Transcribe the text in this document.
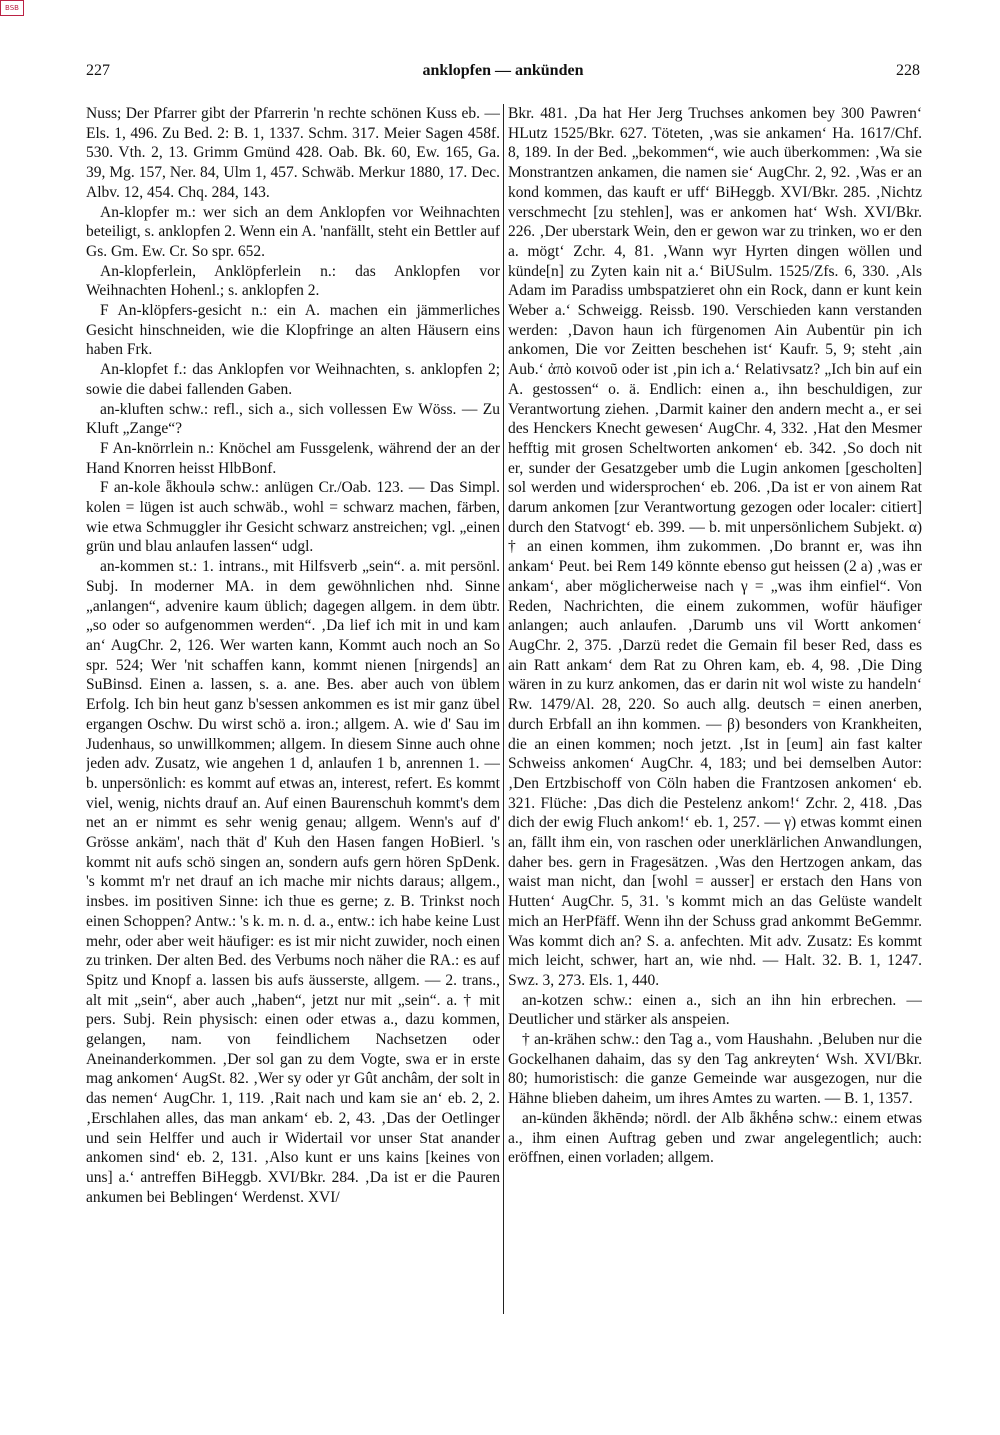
BSB
227	anklopfen — ankünden	228

Nuss; Der Pfarrer gibt der Pfarrerin 'n rechte schönen Kuss eb. — Els. 1, 496. Zu Bed. 2: B. 1, 1337. Schm. 317. Meier Sagen 458f. 530. Vth. 2, 13. Grimm Gmünd 428. Oab. Bk. 60, Ew. 165, Ga. 39, Mg. 157, Ner. 84, Ulm 1, 457. Schwäb. Merkur 1880, 17. Dec. Albv. 12, 454. Chq. 284, 143.

An-klopfer m.: wer sich an dem Anklopfen vor Weihnachten beteiligt, s. anklopfen 2. Wenn ein A. 'nanfällt, steht ein Bettler auf Gs. Gm. Ew. Cr. So spr. 652.

An-klopferlein, Anklöpferlein n.: das Anklopfen vor Weihnachten Hohenl.; s. anklopfen 2.

F An-klöpfers-gesicht n.: ein A. machen ein jämmerliches Gesicht hinschneiden, wie die Klopfringe an alten Häusern eins haben Frk.

An-klopfet f.: das Anklopfen vor Weihnachten, s. anklopfen 2; sowie die dabei fallenden Gaben.

an-kluften schw.: refl., sich a., sich vollessen Ew Wöss. — Zu Kluft „Zange“?

F An-knörrlein n.: Knöchel am Fussgelenk, während der an der Hand Knorren heisst HlbBonf.

F an-kole ǟkhoulə schw.: anlügen Cr./Oab. 123. — Das Simpl. kolen = lügen ist auch schwäb., wohl = schwarz machen, färben, wie etwa Schmuggler ihr Gesicht schwarz anstreichen; vgl. „einen grün und blau anlaufen lassen“ udgl.

an-kommen st.: 1. intrans., mit Hilfsverb „sein“. a. mit persönl. Subj. In moderner MA. in dem gewöhnlichen nhd. Sinne „anlangen“, advenire kaum üblich; dagegen allgem. in dem übtr. „so oder so aufgenommen werden“. ‚Da lief ich mit in und kam an‘ AugChr. 2, 126. Wer warten kann, Kommt auch noch an So spr. 524; Wer 'nit schaffen kann, kommt nienen [nirgends] an SuBinsd. Einen a. lassen, s. a. ane. Bes. aber auch von üblem Erfolg. Ich bin heut ganz b'sessen ankommen es ist mir ganz übel ergangen Oschw. Du wirst schö a. iron.; allgem. A. wie d' Sau im Judenhaus, so unwillkommen; allgem. In diesem Sinne auch ohne jeden adv. Zusatz, wie angehen 1 d, anlaufen 1 b, anrennen 1. — b. unpersönlich: es kommt auf etwas an, interest, refert. Es kommt viel, wenig, nichts drauf an. Auf einen Baurenschuh kommt's dem net an er nimmt es sehr wenig genau; allgem. Wenn's auf d' Grösse ankäm', nach thät d' Kuh den Hasen fangen HoBierl. 's kommt nit aufs schö singen an, sondern aufs gern hören SpDenk. 's kommt m'r net drauf an ich mache mir nichts daraus; allgem., insbes. im positiven Sinne: ich thue es gerne; z. B. Trinkst noch einen Schoppen? Antw.: 's k. m. n. d. a., entw.: ich habe keine Lust mehr, oder aber weit häufiger: es ist mir nicht zuwider, noch einen zu trinken. Der alten Bed. des Verbums noch näher die RA.: es auf Spitz und Knopf a. lassen bis aufs äusserste, allgem. — 2. trans., alt mit „sein“, aber auch „haben“, jetzt nur mit „sein“. a. † mit pers. Subj. Rein physisch: einen oder etwas a., dazu kommen, gelangen, nam. von feindlichem Nachsetzen oder Aneinanderkommen. ‚Der sol gan zu dem Vogte, swa er in erste mag ankomen‘ AugSt. 82. ‚Wer sy oder yr Gût anchâm, der solt in das nemen‘ AugChr. 1, 119. ‚Rait nach und kam sie an‘ eb. 2, 2. ‚Erschlahen alles, das man ankam‘ eb. 2, 43. ‚Das der Oetlinger und sein Helffer und auch ir Widertail vor unser Stat anander ankomen sind‘ eb. 2, 131. ‚Also kunt er uns kains [keines von uns] a.‘ antreffen BiHeggb. XVI/Bkr. 284. ‚Da ist er die Pauren ankumen bei Beblingen‘ Werdenst. XVI/

Bkr. 481. ‚Da hat Her Jerg Truchses ankomen bey 300 Pawren‘ HLutz 1525/Bkr. 627. Töteten, ‚was sie ankamen‘ Ha. 1617/Chf. 8, 189. In der Bed. „bekommen“, wie auch überkommen: ‚Wa sie Monstrantzen ankamen, die namen sie‘ AugChr. 2, 92. ‚Was er an kond kommen, das kauft er uff‘ BiHeggb. XVI/Bkr. 285. ‚Nichtz verschmecht [zu stehlen], was er ankomen hat‘ Wsh. XVI/Bkr. 226. ‚Der uberstark Wein, den er gewon war zu trinken, wo er den a. mögt‘ Zchr. 4, 81. ‚Wann wyr Hyrten dingen wöllen und künde[n] zu Zyten kain nit a.‘ BiUSulm. 1525/Zfs. 6, 330. ‚Als Adam im Paradiss umbspatzieret ohn ein Rock, dann er kunt kein Weber a.‘ Schweigg. Reissb. 190. Verschieden kann verstanden werden: ‚Davon haun ich fürgenomen Ain Aubentür pin ich ankomen, Die vor Zeitten beschehen ist‘ Kaufr. 5, 9; steht ‚ain Aub.‘ ἀπὸ κοινοῦ oder ist ‚pin ich a.‘ Relativsatz? „Ich bin auf ein A. gestossen“ o. ä. Endlich: einen a., ihn beschuldigen, zur Verantwortung ziehen. ‚Darmit kainer den andern mecht a., er sei des Henckers Knecht gewesen‘ AugChr. 4, 332. ‚Hat den Mesmer hefftig mit grosen Scheltworten ankomen‘ eb. 342. ‚So doch nit er, sunder der Gesatzgeber umb die Lugin ankomen [gescholten] sol werden und widersprochen‘ eb. 206. ‚Da ist er von ainem Rat darum ankomen [zur Verantwortung gezogen oder localer: citiert] durch den Statvogt‘ eb. 399. — b. mit unpersönlichem Subjekt. α) † an einen kommen, ihm zukommen. ‚Do brannt er, was ihn ankam‘ Peut. bei Rem 149 könnte ebenso gut heissen (2 a) ‚was er ankam‘, aber möglicherweise nach γ = „was ihm einfiel“. Von Reden, Nachrichten, die einem zukommen, wofür häufiger anlangen; auch anlaufen. ‚Darumb uns vil Wortt ankomen‘ AugChr. 2, 375. ‚Darzü redet die Gemain fil beser Red, dass es ain Ratt ankam‘ dem Rat zu Ohren kam, eb. 4, 98. ‚Die Ding wären in zu kurz ankomen, das er darin nit wol wiste zu handeln‘ Rw. 1479/Al. 28, 220. So auch allg. deutsch = einen anerben, durch Erbfall an ihn kommen. — β) besonders von Krankheiten, die an einen kommen; noch jetzt. ‚Ist in [eum] ain fast kalter Schweiss ankomen‘ AugChr. 4, 183; und bei demselben Autor: ‚Den Ertzbischoff von Cöln haben die Frantzosen ankomen‘ eb. 321. Flüche: ‚Das dich die Pestelenz ankom!‘ Zchr. 2, 418. ‚Das dich der ewig Fluch ankom!‘ eb. 1, 257. — γ) etwas kommt einen an, fällt ihm ein, von raschen oder unerklärlichen Anwandlungen, daher bes. gern in Fragesätzen. ‚Was den Hertzogen ankam, das waist man nicht, dan [wohl = ausser] er erstach den Hans von Hutten‘ AugChr. 5, 31. 's kommt mich an das Gelüste wandelt mich an HerPfäff. Wenn ihn der Schuss grad ankommt BeGemmr. Was kommt dich an? S. a. anfechten. Mit adv. Zusatz: Es kommt mich leicht, schwer, hart an, wie nhd. — Halt. 32. B. 1, 1247. Swz. 3, 273. Els. 1, 440.

an-kotzen schw.: einen a., sich an ihn hin erbrechen. — Deutlicher und stärker als anspeien.

† an-krähen schw.: den Tag a., vom Haushahn. ‚Beluben nur die Gockelhanen dahaim, das sy den Tag ankreyten‘ Wsh. XVI/Bkr. 80; humoristisch: die ganze Gemeinde war ausgezogen, nur die Hähne blieben daheim, um ihres Amtes zu warten. — B. 1, 1357.

an-künden ǟkhēndə; nördl. der Alb ǟkhḗnə schw.: einem etwas a., ihm einen Auftrag geben und zwar angelegentlich; auch: eröffnen, einen vorladen; allgem.
